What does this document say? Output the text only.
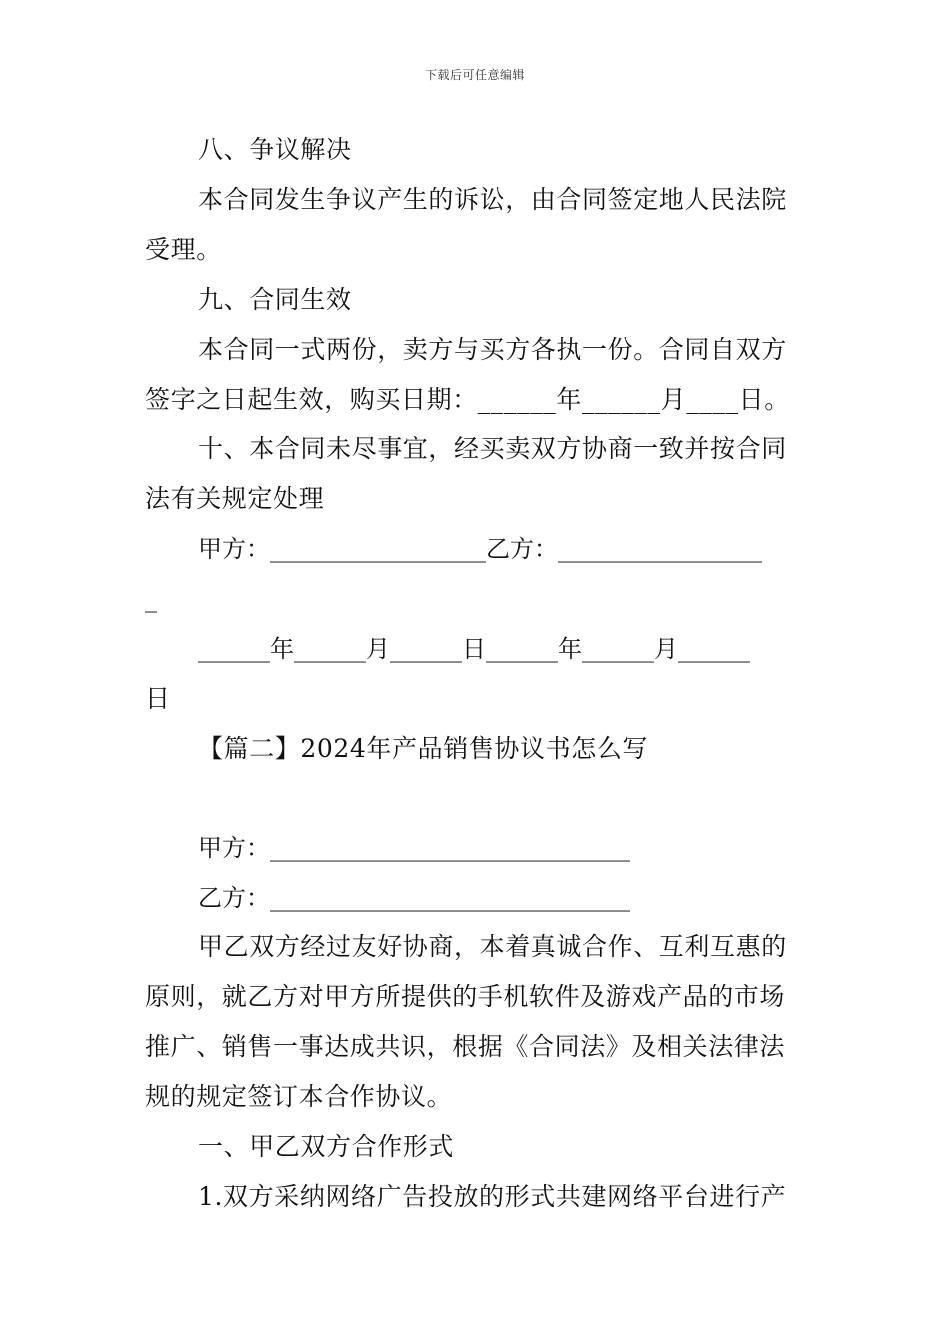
下载后可任意编辑
八、争议解决
本合同发生争议产生的诉讼，由合同签定地人民法院
受理。
九、合同生效
本合同一式两份，卖方与买方各执一份。合同自双方
签字之日起生效，购买日期：______年______月____日。
十、本合同未尽事宜，经买卖双方协商一致并按合同
法有关规定处理
甲方：__________________乙方：_________________
_
______年______月______日______年______月______
日
【篇二】2024年产品销售协议书怎么写
甲方：______________________________
乙方：______________________________
甲乙双方经过友好协商，本着真诚合作、互利互惠的
原则，就乙方对甲方所提供的手机软件及游戏产品的市场
推广、销售一事达成共识，根据《合同法》及相关法律法
规的规定签订本合作协议。
一、甲乙双方合作形式
1.双方采纳网络广告投放的形式共建网络平台进行产
